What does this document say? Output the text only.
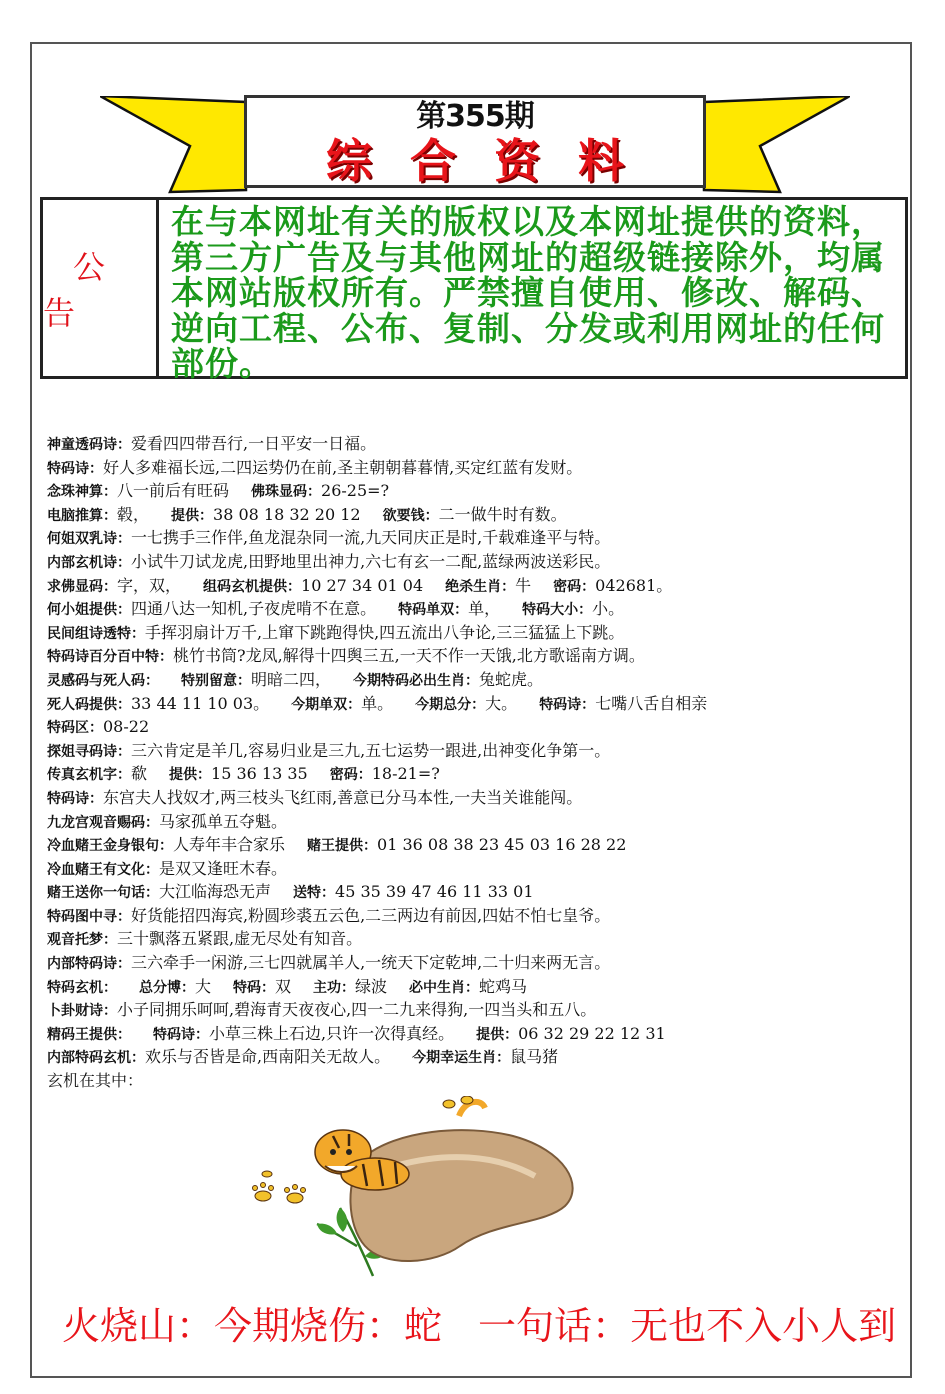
第355期
综合资料
公告
在与本网址有关的版权以及本网址提供的资料，第三方广告及与其他网址的超级链接除外，均属本网站版权所有。严禁擅自使用、修改、解码、逆向工程、公布、复制、分发或利用网址的任何部份。
神童透码诗：爱看四四带吾行,一日平安一日福。
特码诗：好人多难福长远,二四运势仍在前,圣主朝朝暮暮情,买定红蓝有发财。
念珠神算：八一前后有旺码 佛珠显码：26-25=?
电脑推算：毂， 提供：38 08 18 32 20 12 欲要钱：二一做牛时有数。
何姐双乳诗：一七携手三作伴,鱼龙混杂同一流,九天同庆正是时,千载难逢平与特。
内部玄机诗：小试牛刀试龙虎,田野地里出神力,六七有玄一二配,蓝绿两波送彩民。
求佛显码：字，双， 组码玄机提供：10 27 34 01 04 绝杀生肖：牛 密码：042681。
何小姐提供：四通八达一知机,子夜虎啃不在意。 特码单双：单， 特码大小：小。
民间组诗透特：手挥羽扇计万千,上窜下跳跑得快,四五流出八争论,三三猛猛上下跳。
特码诗百分百中特：桃竹书筒?龙凤,解得十四舆三五,一天不作一天饿,北方歌谣南方调。
灵感码与死人码： 特别留意：明暗二四， 今期特码必出生肖：兔蛇虎。
死人码提供：33 44 11 10 03。 今期单双：单。 今期总分：大。 特码诗：七嘴八舌自相亲
特码区：08-22
探姐寻码诗：三六肯定是羊几,容易归业是三九,五七运势一跟进,出神变化争第一。
传真玄机字：欷 提供：15 36 13 35 密码：18-21=?
特码诗：东宫夫人找奴才,两三枝头飞红雨,善意已分马本性,一夫当关谁能闯。
九龙宫观音赐码：马家孤单五夺魁。
冷血赌王金身银句：人寿年丰合家乐 赌王提供：01 36 08 38 23 45 03 16 28 22
冷血赌王有文化：是双又逢旺木春。
赌王送你一句话：大江临海恐无声 送特：45 35 39 47 46 11 33 01
特码图中寻：好货能招四海宾,粉圆珍裘五云色,二三两边有前因,四姑不怕七皇爷。
观音托梦：三十飘落五紧跟,虚无尽处有知音。
内部特码诗：三六牵手一闲游,三七四就属羊人,一统天下定乾坤,二十归来两无言。
特码玄机： 总分博：大 特码：双 主功：绿波 必中生肖：蛇鸡马
卜卦财诗：小子同拥乐呵呵,碧海青天夜夜心,四一二九来得狗,一四当头和五八。
精码王提供： 特码诗：小草三株上石边,只许一次得真经。 提供：06 32 29 22 12 31
内部特码玄机：欢乐与否皆是命,西南阳关无故人。 今期幸运生肖：鼠马猪
玄机在其中：
火烧山：今期烧伤：蛇 一句话：无也不入小人到
